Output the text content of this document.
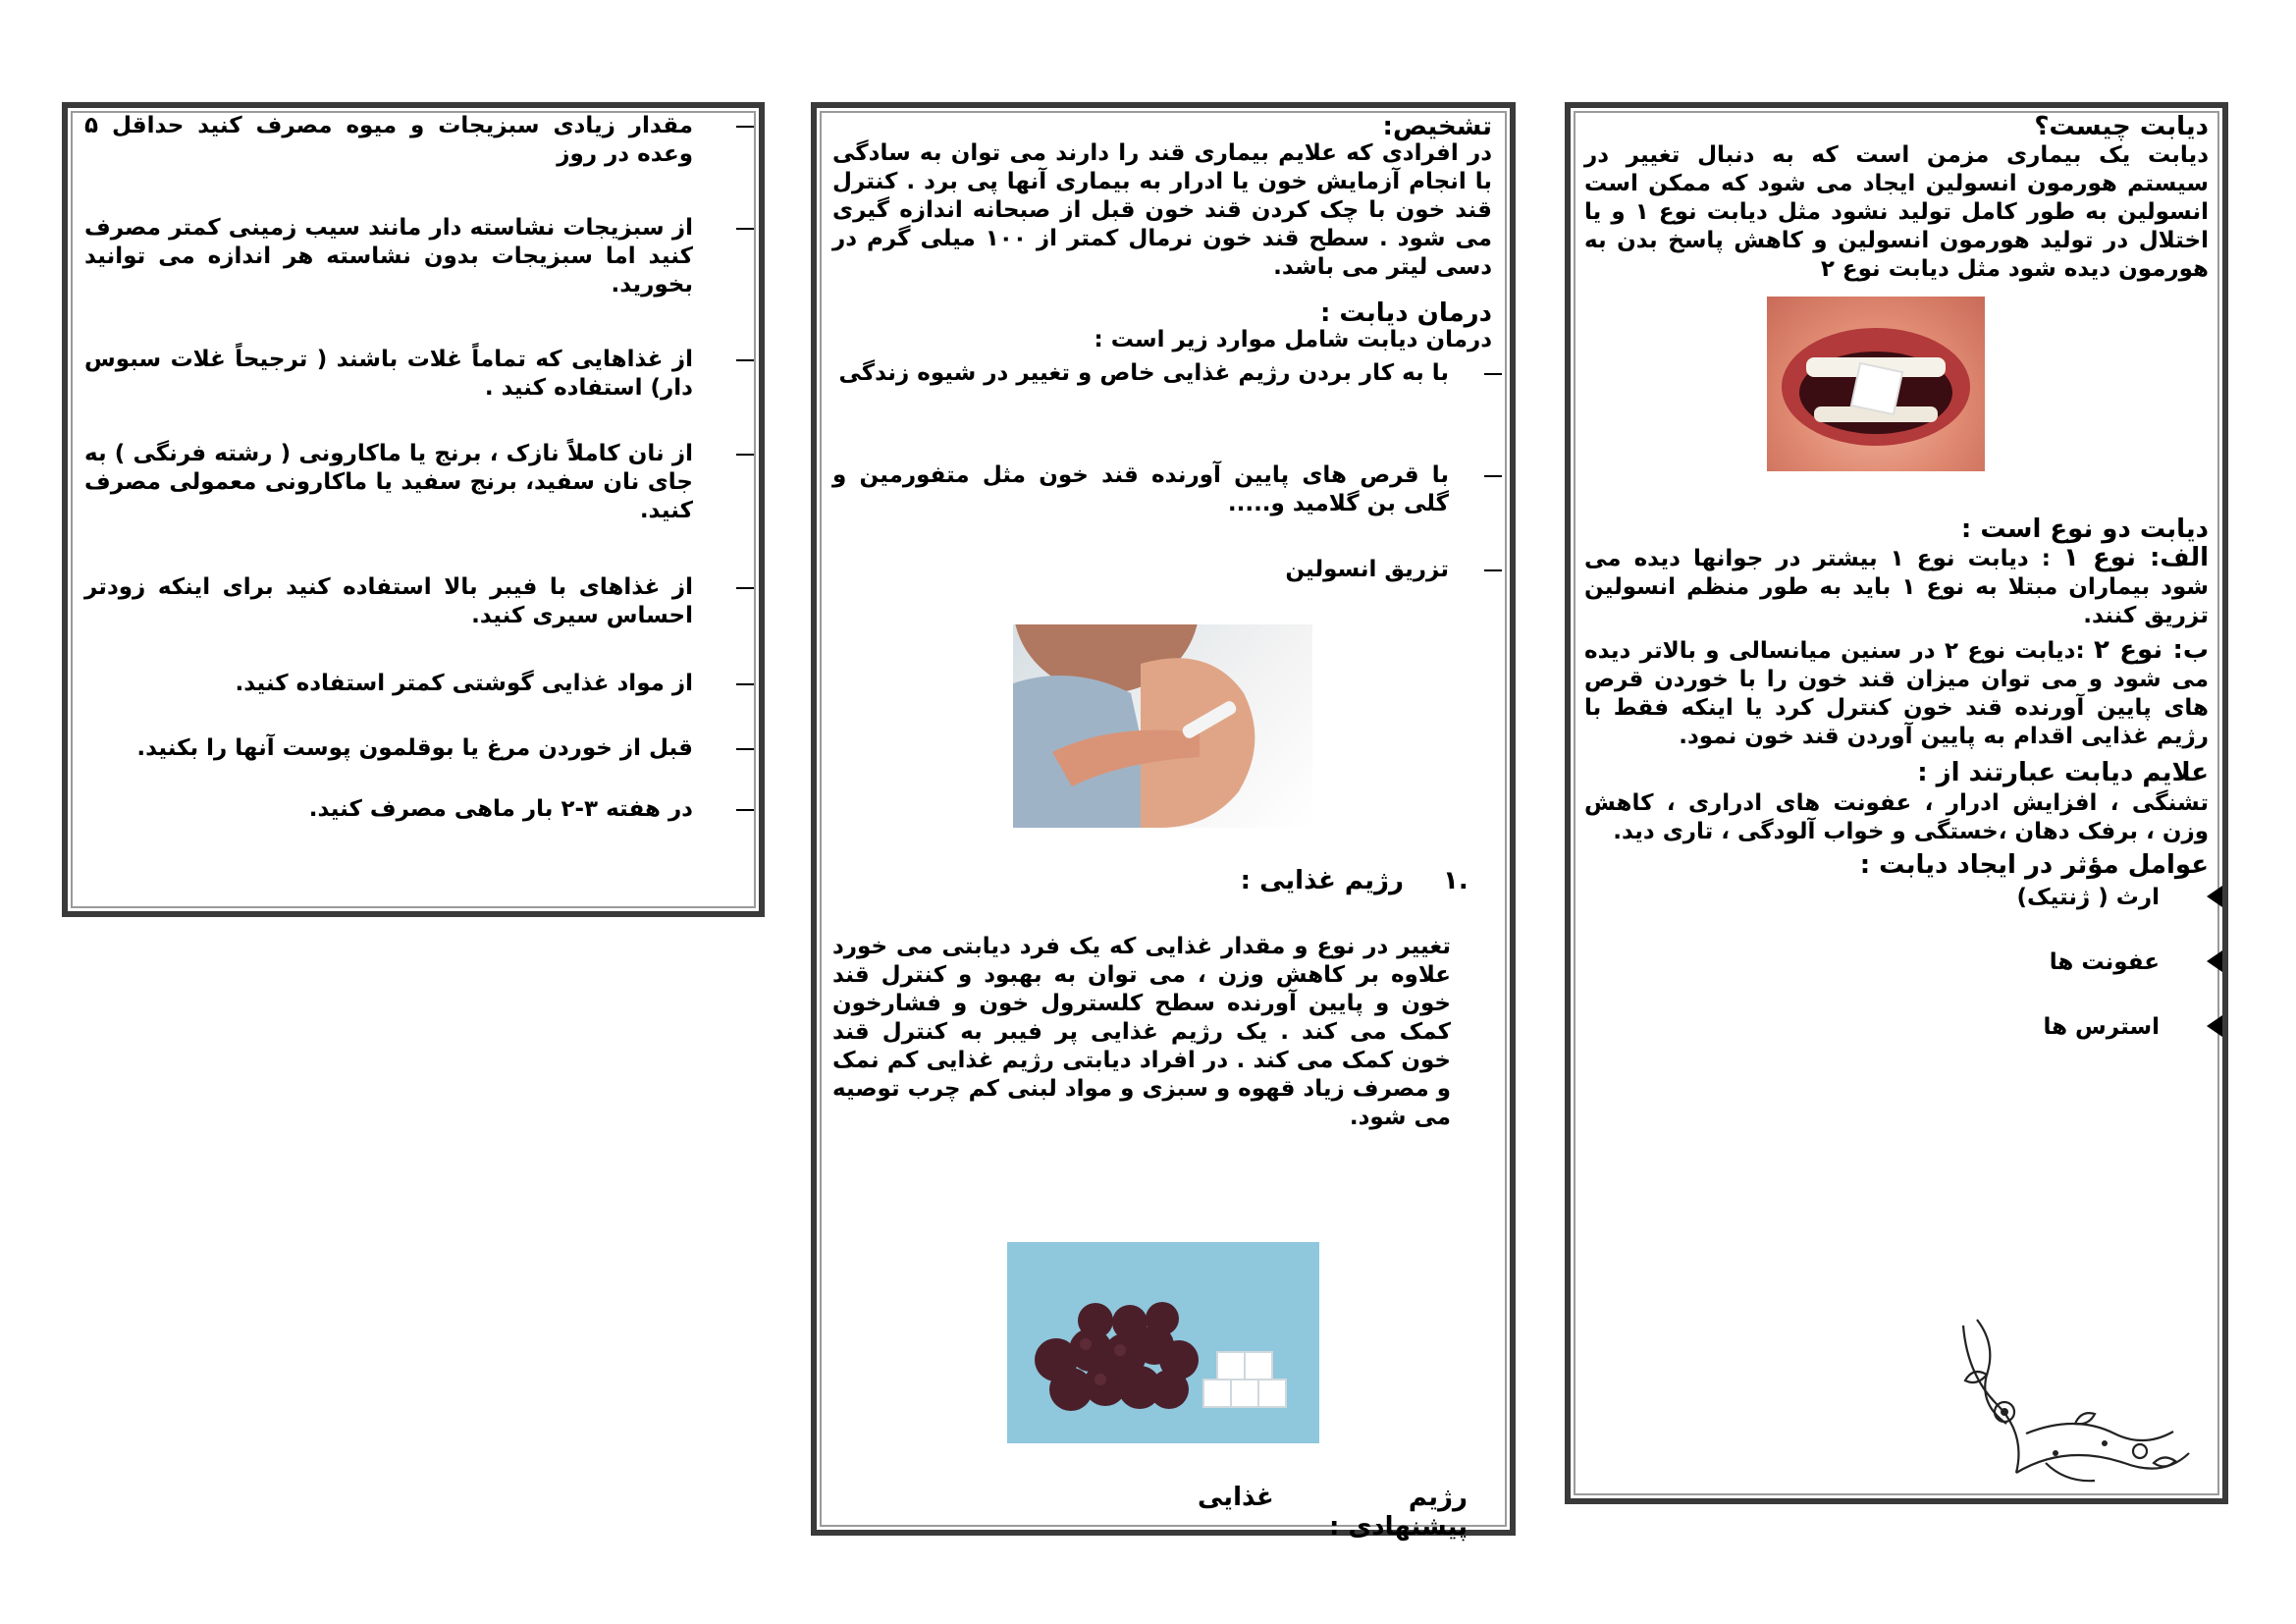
مقدار زیادی سبزیجات و میوه مصرف کنید حداقل ۵ وعده در روز

از سبزیجات نشاسته دار مانند سیب زمینی کمتر مصرف کنید اما سبزیجات بدون نشاسته هر اندازه می توانید بخورید.

از غذاهایی که تماماً غلات باشند ( ترجیحاً غلات سبوس دار) استفاده کنید .

از نان کاملاً نازک ، برنج یا ماکارونی ( رشته فرنگی ) به جای نان سفید، برنج سفید یا ماکارونی معمولی مصرف کنید.

از غذاهای با فیبر بالا استفاده کنید برای اینکه زودتر احساس سیری کنید.

از مواد غذایی گوشتی کمتر استفاده کنید.

قبل از خوردن مرغ یا بوقلمون پوست آنها را بکنید.

در هفته ۳-۲ بار ماهی مصرف کنید.

تشخیص:

در افرادی که علایم بیماری قند را دارند می توان به سادگی با انجام آزمایش خون یا ادرار به بیماری آنها پی برد . کنترل قند خون با چک کردن قند خون قبل از صبحانه اندازه گیری می شود . سطح قند خون نرمال کمتر از ۱۰۰ میلی گرم در دسی لیتر می باشد.

درمان دیابت :

درمان دیابت شامل موارد زیر است :

با به کار بردن رژیم غذایی خاص و تغییر در شیوه زندگی

با قرص های پایین آورنده قند خون مثل متفورمین و گلی بن گلامید و.....

تزریق انسولین

رژیم غذایی : ۱.

تغییر در نوع و مقدار غذایی که یک فرد دیابتی می خورد علاوه بر کاهش وزن ، می توان به بهبود و کنترل قند خون و پایین آورنده سطح کلسترول خون و فشارخون کمک می کند . یک رژیم غذایی پر فیبر به کنترل قند خون کمک می کند . در افراد دیابتی رژیم غذایی کم نمک و مصرف زیاد قهوه و سبزی و مواد لبنی کم چرب توصیه می شود.

رژیم غذایی پیشنهادی :
دیابت چیست؟

دیابت یک بیماری مزمن است که به دنبال تغییر در سیستم هورمون انسولین ایجاد می شود که ممکن است انسولین به طور کامل تولید نشود مثل دیابت نوع ۱ و یا اختلال در تولید هورمون انسولین و کاهش پاسخ بدن به هورمون دیده شود مثل دیابت نوع ۲

دیابت دو نوع است :

الف: نوع ۱ : دیابت نوع ۱ بیشتر در جوانها دیده می شود بیماران مبتلا به نوع ۱ باید به طور منظم انسولین تزریق کنند.

ب: نوع ۲ :دیابت نوع ۲ در سنین میانسالی و بالاتر دیده می شود و می توان میزان قند خون را با خوردن قرص های پایین آورنده قند خون کنترل کرد یا اینکه فقط با رژیم غذایی اقدام به پایین آوردن قند خون نمود.

علایم دیابت عبارتند از :

تشنگی ، افزایش ادرار ، عفونت های ادراری ، کاهش وزن ، برفک دهان ،خستگی و خواب آلودگی ، تاری دید.

عوامل مؤثر در ایجاد دیابت :

ارث ( ژنتیک)

عفونت ها

استرس ها
